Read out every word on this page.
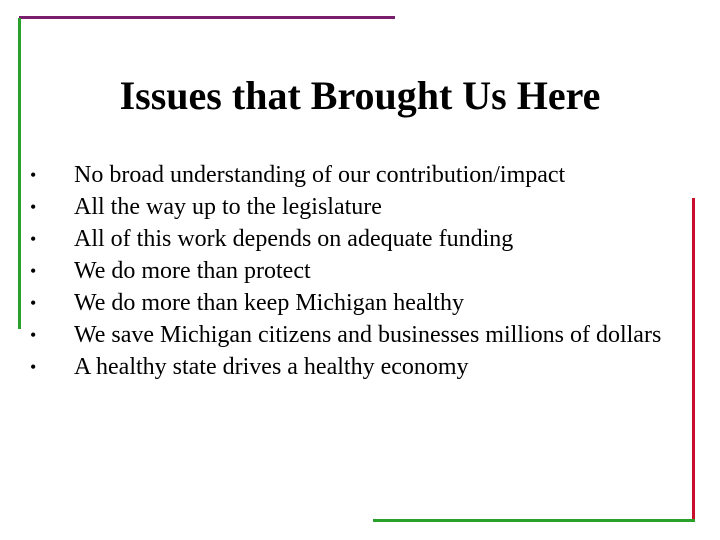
Issues that Brought Us Here
• No broad understanding of our contribution/impact
• All the way up to the legislature
• All of this work depends on adequate funding
• We do more than protect
• We do more than keep Michigan healthy
• We save Michigan citizens and businesses millions of dollars
• A healthy state drives a healthy economy
